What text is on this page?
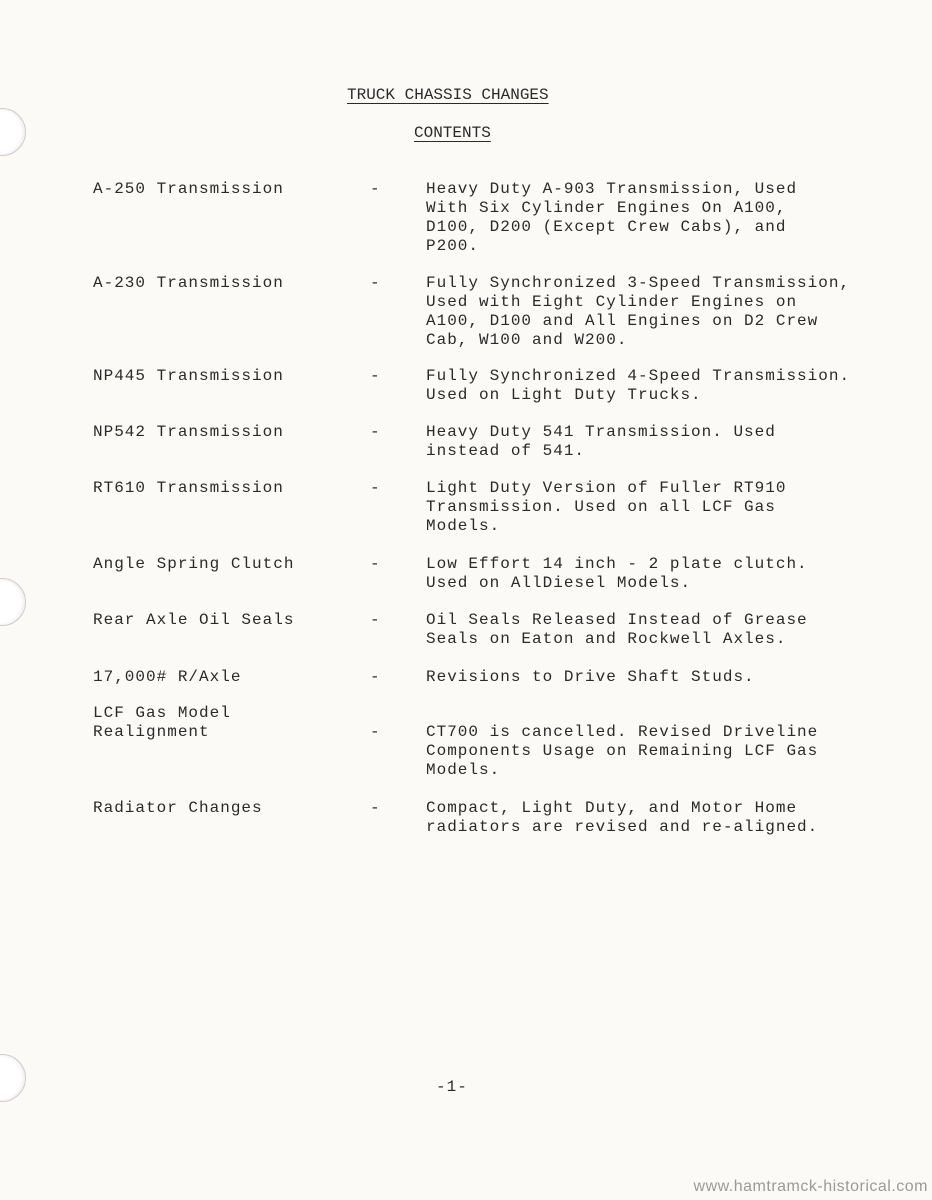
TRUCK CHASSIS CHANGES
CONTENTS
A-250 Transmission	-	Heavy Duty A-903 Transmission, Used
With Six Cylinder Engines On A100,
D100, D200 (Except Crew Cabs), and
P200.
A-230 Transmission	-	Fully Synchronized 3-Speed Transmission,
Used with Eight Cylinder Engines on
A100, D100 and All Engines on D2 Crew
Cab, W100 and W200.
NP445 Transmission	-	Fully Synchronized 4-Speed Transmission.
Used on Light Duty Trucks.
NP542 Transmission	-	Heavy Duty 541 Transmission. Used
instead of 541.
RT610 Transmission	-	Light Duty Version of Fuller RT910
Transmission. Used on all LCF Gas
Models.
Angle Spring Clutch	-	Low Effort 14 inch - 2 plate clutch.
Used on AllDiesel Models.
Rear Axle Oil Seals	-	Oil Seals Released Instead of Grease
Seals on Eaton and Rockwell Axles.
17,000# R/Axle	-	Revisions to Drive Shaft Studs.
LCF Gas Model
Realignment	-	CT700 is cancelled. Revised Driveline
Components Usage on Remaining LCF Gas
Models.
Radiator Changes	-	Compact, Light Duty, and Motor Home
radiators are revised and re-aligned.
-1-
www.hamtramck-historical.com
